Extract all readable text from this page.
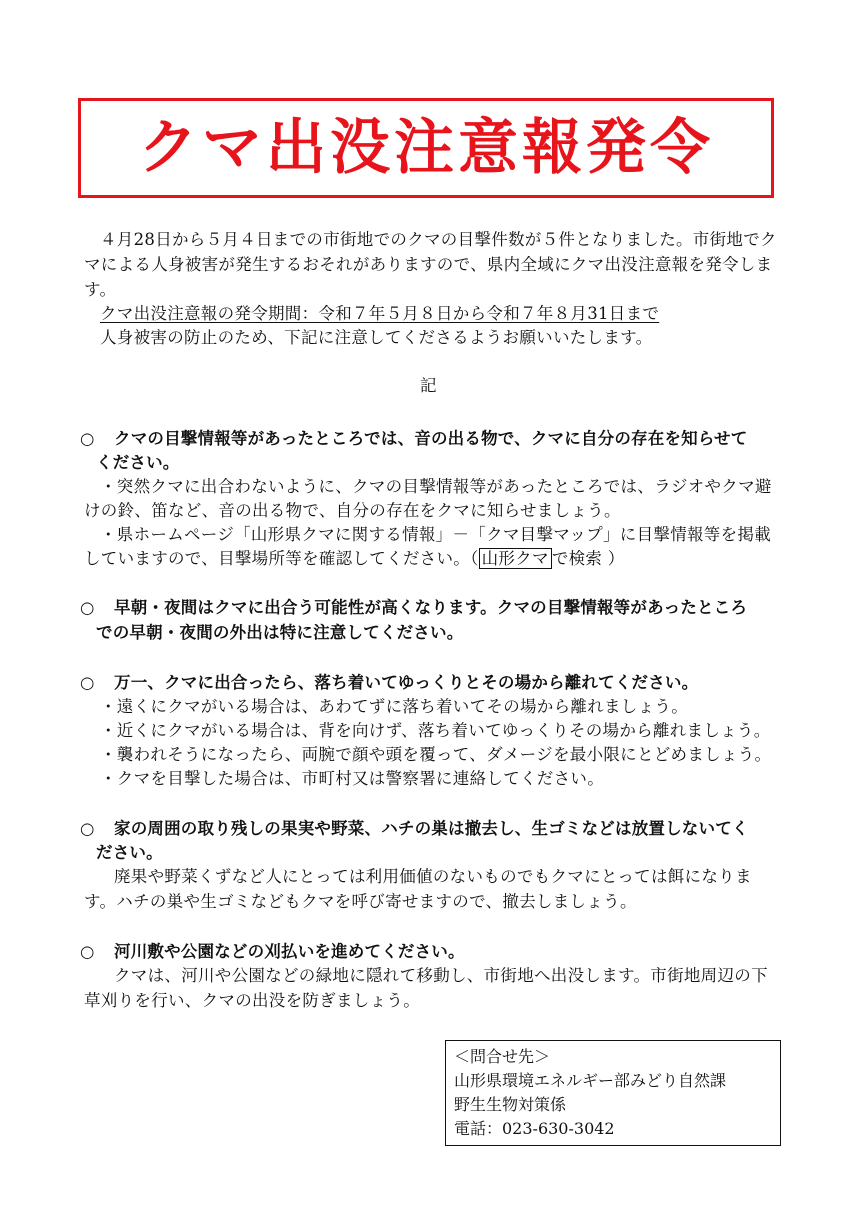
クマ出没注意報発令
４月28日から５月４日までの市街地でのクマの目撃件数が５件となりました。市街地でク
マによる人身被害が発生するおそれがありますので、県内全域にクマ出没注意報を発令しま
す。
クマ出没注意報の発令期間：令和７年５月８日から令和７年８月31日まで
人身被害の防止のため、下記に注意してくださるようお願いいたします。
記
○ クマの目撃情報等があったところでは、音の出る物で、クマに自分の存在を知らせて
ください。
・突然クマに出合わないように、クマの目撃情報等があったところでは、ラジオやクマ避
けの鈴、笛など、音の出る物で、自分の存在をクマに知らせましょう。
・県ホームページ「山形県クマに関する情報」－「クマ目撃マップ」に目撃情報等を掲載
していますので、目撃場所等を確認してください。（ 山形クマ で検索 ）
○ 早朝・夜間はクマに出合う可能性が高くなります。クマの目撃情報等があったところ
での早朝・夜間の外出は特に注意してください。
○ 万一、クマに出合ったら、落ち着いてゆっくりとその場から離れてください。
・遠くにクマがいる場合は、あわてずに落ち着いてその場から離れましょう。
・近くにクマがいる場合は、背を向けず、落ち着いてゆっくりその場から離れましょう。
・襲われそうになったら、両腕で顔や頭を覆って、ダメージを最小限にとどめましょう。
・クマを目撃した場合は、市町村又は警察署に連絡してください。
○ 家の周囲の取り残しの果実や野菜、ハチの巣は撤去し、生ゴミなどは放置しないてく
ださい。
廃果や野菜くずなど人にとっては利用価値のないものでもクマにとっては餌になりま
す。ハチの巣や生ゴミなどもクマを呼び寄せますので、撤去しましょう。
○ 河川敷や公園などの刈払いを進めてください。
クマは、河川や公園などの緑地に隠れて移動し、市街地へ出没します。市街地周辺の下
草刈りを行い、クマの出没を防ぎましょう。
＜問合せ先＞
山形県環境エネルギー部みどり自然課
野生生物対策係
電話：023-630-3042
